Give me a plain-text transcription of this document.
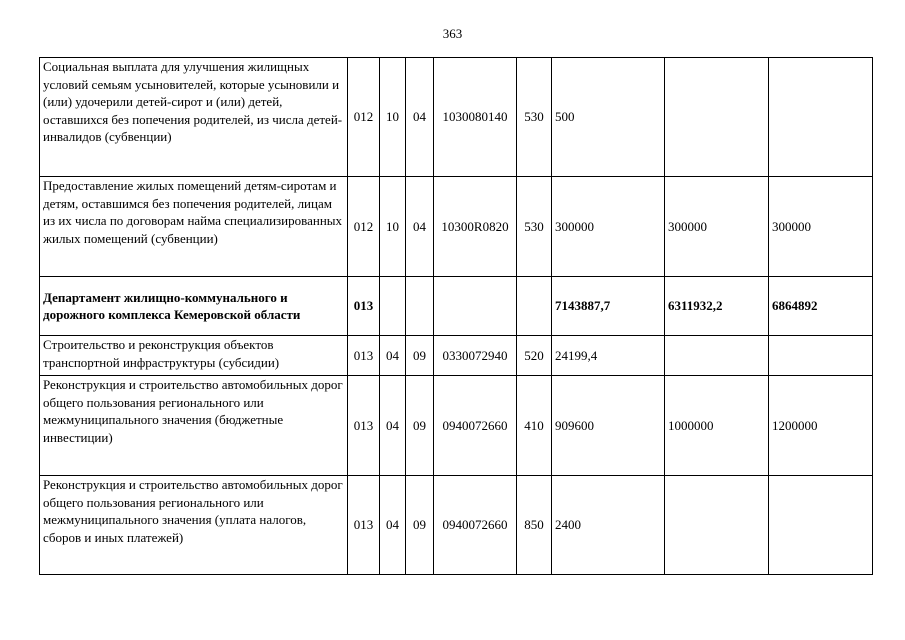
363
Социальная выплата для улучшения жилищных условий семьям усыновителей, которые усыновили и (или) удочерили детей-сирот и (или) детей, оставшихся без попечения родителей, из числа детей-инвалидов (субвенции)	012	10	04	1030080140	530	500		
Предоставление жилых помещений детям-сиротам и детям, оставшимся без попечения родителей, лицам из их числа по договорам найма специализированных жилых помещений (субвенции)	012	10	04	10300R0820	530	300000	300000	300000
Департамент жилищно-коммунального и дорожного комплекса Кемеровской области	013					7143887,7	6311932,2	6864892
Строительство и реконструкция объектов транспортной инфраструктуры (субсидии)	013	04	09	0330072940	520	24199,4		
Реконструкция и строительство автомобильных дорог общего пользования регионального или межмуниципального значения (бюджетные инвестиции)	013	04	09	0940072660	410	909600	1000000	1200000
Реконструкция и строительство автомобильных дорог общего пользования регионального или межмуниципального значения (уплата налогов, сборов и иных платежей)	013	04	09	0940072660	850	2400		
